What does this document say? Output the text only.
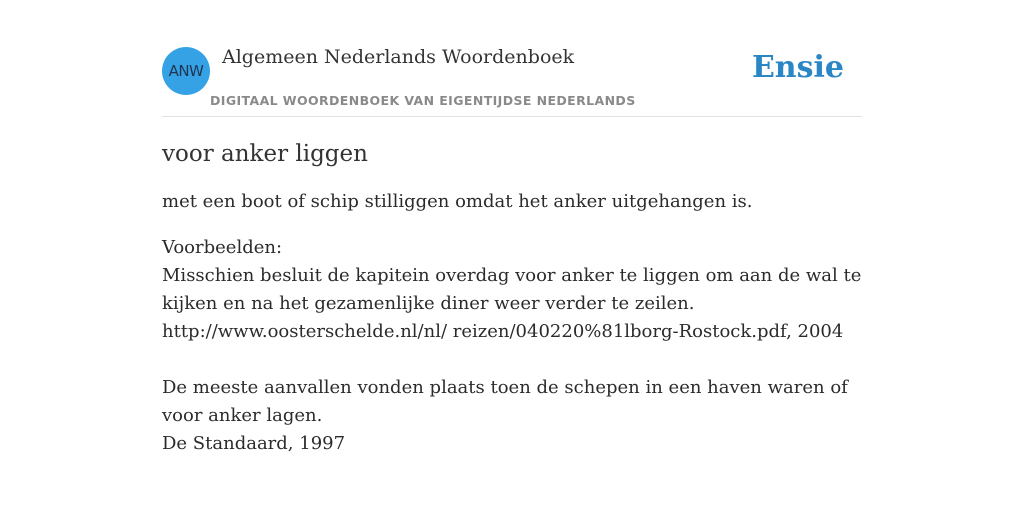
ANW
Algemeen Nederlands Woordenboek
DIGITAAL WOORDENBOEK VAN EIGENTIJDSE NEDERLANDS
Ensie
voor anker liggen

met een boot of schip stilliggen omdat het anker uitgehangen is.

Voorbeelden:
Misschien besluit de kapitein overdag voor anker te liggen om aan de wal te kijken en na het gezamenlijke diner weer verder te zeilen.
http://www.oosterschelde.nl/nl/ reizen/040220%81lborg-Rostock.pdf, 2004
De meeste aanvallen vonden plaats toen de schepen in een haven waren of voor anker lagen.
De Standaard, 1997
